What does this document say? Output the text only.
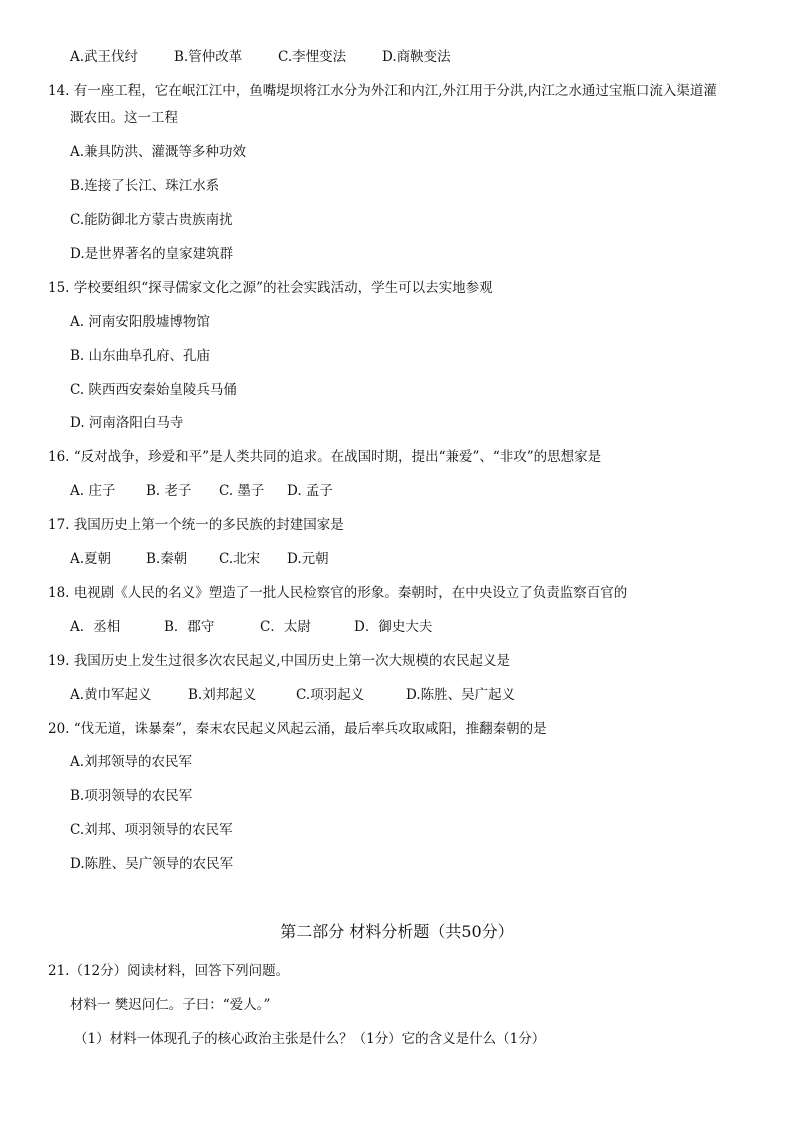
A.武王伐纣	B.管仲改革	C.李悝变法	D.商鞅变法
14. 有一座工程，它在岷江江中，鱼嘴堤坝将江水分为外江和内江,外江用于分洪,内江之水通过宝瓶口流入渠道灌
溉农田。这一工程
A.兼具防洪、灌溉等多种功效
B.连接了长江、珠江水系
C.能防御北方蒙古贵族南扰
D.是世界著名的皇家建筑群
15. 学校要组织“探寻儒家文化之源”的社会实践活动，学生可以去实地参观
A. 河南安阳殷墟博物馆
B. 山东曲阜孔府、孔庙
C. 陕西西安秦始皇陵兵马俑
D. 河南洛阳白马寺
16. “反对战争，珍爱和平”是人类共同的追求。在战国时期，提出“兼爱”、“非攻”的思想家是
A. 庄子 B. 老子 C. 墨子 D. 孟子
17. 我国历史上第一个统一的多民族的封建国家是
A.夏朝	B.秦朝 C.北宋 D.元朝
18. 电视剧《人民的名义》塑造了一批人民检察官的形象。秦朝时，在中央设立了负责监察百官的
A．丞相	B．郡守	C．太尉	D．御史大夫
19. 我国历史上发生过很多次农民起义,中国历史上第一次大规模的农民起义是
A.黄巾军起义	B.刘邦起义	C.项羽起义	D.陈胜、吴广起义
20. “伐无道，诛暴秦”，秦末农民起义风起云涌，最后率兵攻取咸阳，推翻秦朝的是
A.刘邦领导的农民军
B.项羽领导的农民军
C.刘邦、项羽领导的农民军
D.陈胜、吴广领导的农民军
第二部分 材料分析题（共50分）
21.（12分）阅读材料，回答下列问题。
材料一 樊迟问仁。子曰：“爱人。”
（1）材料一体现孔子的核心政治主张是什么？（1分）它的含义是什么（1分）
